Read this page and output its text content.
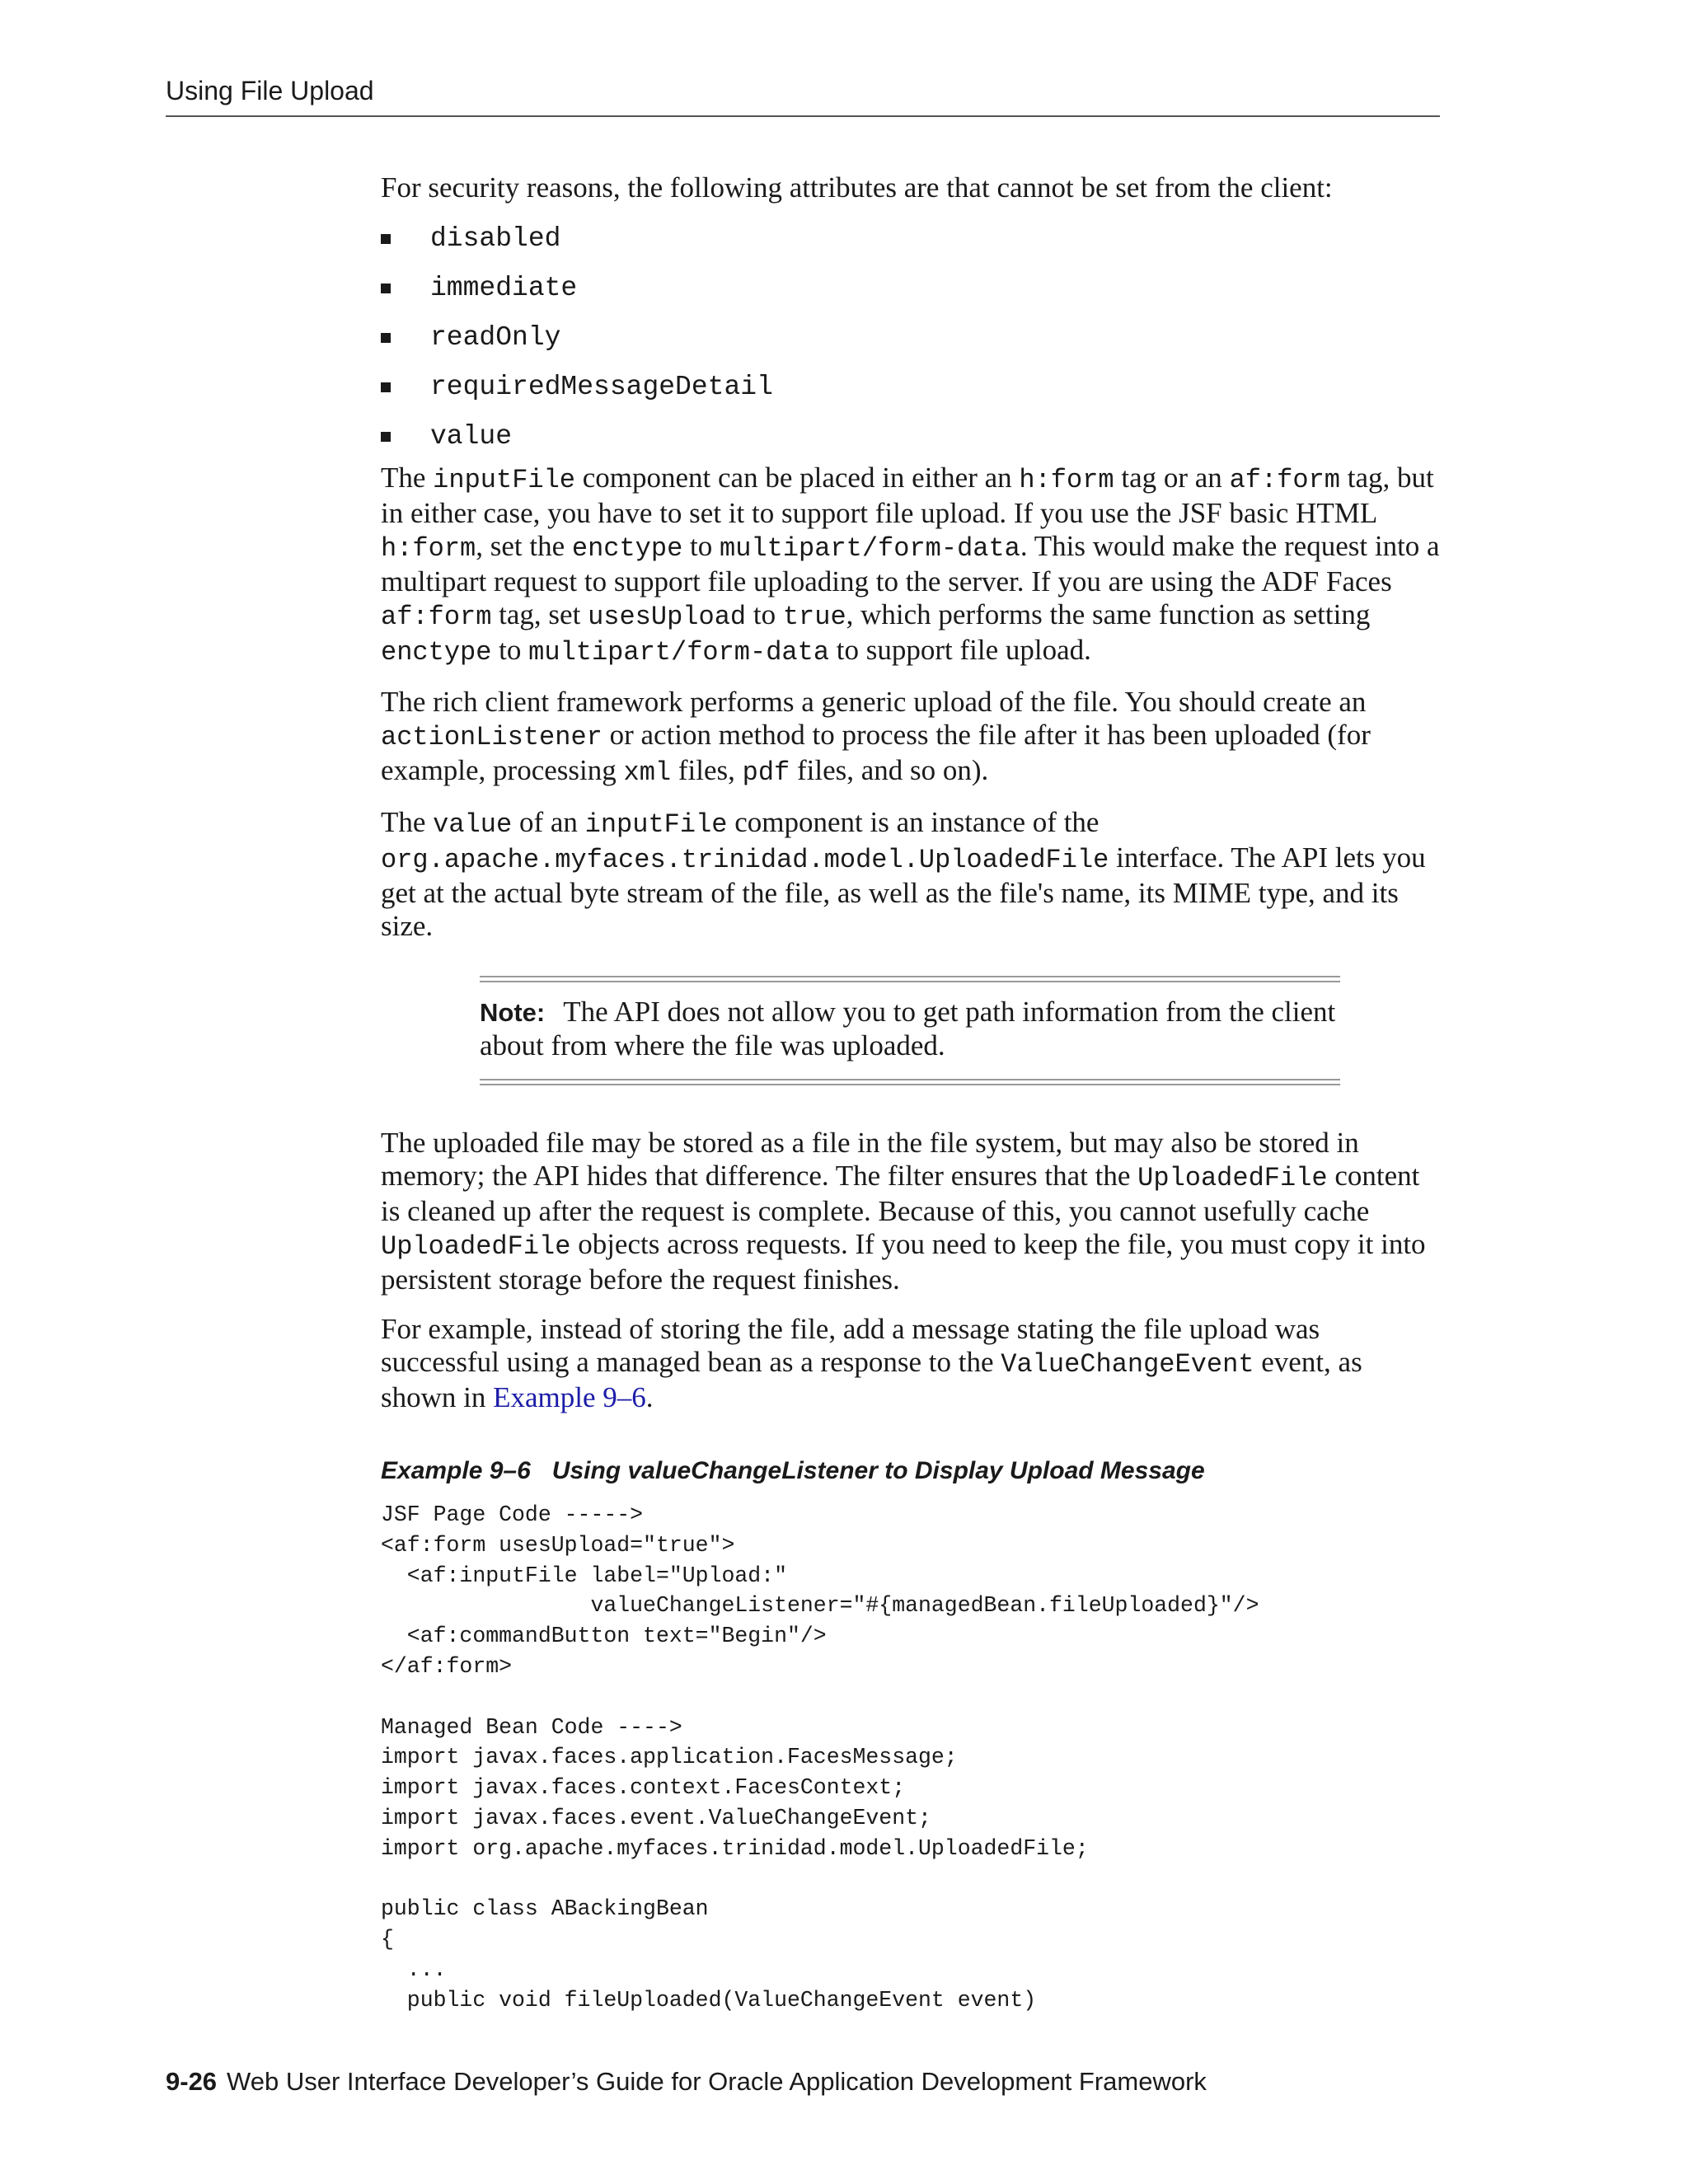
Using File Upload

For security reasons, the following attributes are that cannot be set from the client:

disabled
immediate
readOnly
requiredMessageDetail
value

The inputFile component can be placed in either an h:form tag or an af:form tag, but in either case, you have to set it to support file upload. If you use the JSF basic HTML h:form, set the enctype to multipart/form-data. This would make the request into a multipart request to support file uploading to the server. If you are using the ADF Faces af:form tag, set usesUpload to true, which performs the same function as setting enctype to multipart/form-data to support file upload.

The rich client framework performs a generic upload of the file. You should create an actionListener or action method to process the file after it has been uploaded (for example, processing xml files, pdf files, and so on).

The value of an inputFile component is an instance of the org.apache.myfaces.trinidad.model.UploadedFile interface. The API lets you get at the actual byte stream of the file, as well as the file's name, its MIME type, and its size.

Note: The API does not allow you to get path information from the client about from where the file was uploaded.

The uploaded file may be stored as a file in the file system, but may also be stored in memory; the API hides that difference. The filter ensures that the UploadedFile content is cleaned up after the request is complete. Because of this, you cannot usefully cache UploadedFile objects across requests. If you need to keep the file, you must copy it into persistent storage before the request finishes.

For example, instead of storing the file, add a message stating the file upload was successful using a managed bean as a response to the ValueChangeEvent event, as shown in Example 9–6.

Example 9–6 Using valueChangeListener to Display Upload Message
JSF Page Code ----->
<af:form usesUpload="true">
<af:inputFile label="Upload:"
valueChangeListener="#{managedBean.fileUploaded}"/>
<af:commandButton text="Begin"/>
</af:form>

Managed Bean Code ---->
import javax.faces.application.FacesMessage;
import javax.faces.context.FacesContext;
import javax.faces.event.ValueChangeEvent;
import org.apache.myfaces.trinidad.model.UploadedFile;

public class ABackingBean
{
...
public void fileUploaded(ValueChangeEvent event)
9-26 Web User Interface Developer’s Guide for Oracle Application Development Framework
